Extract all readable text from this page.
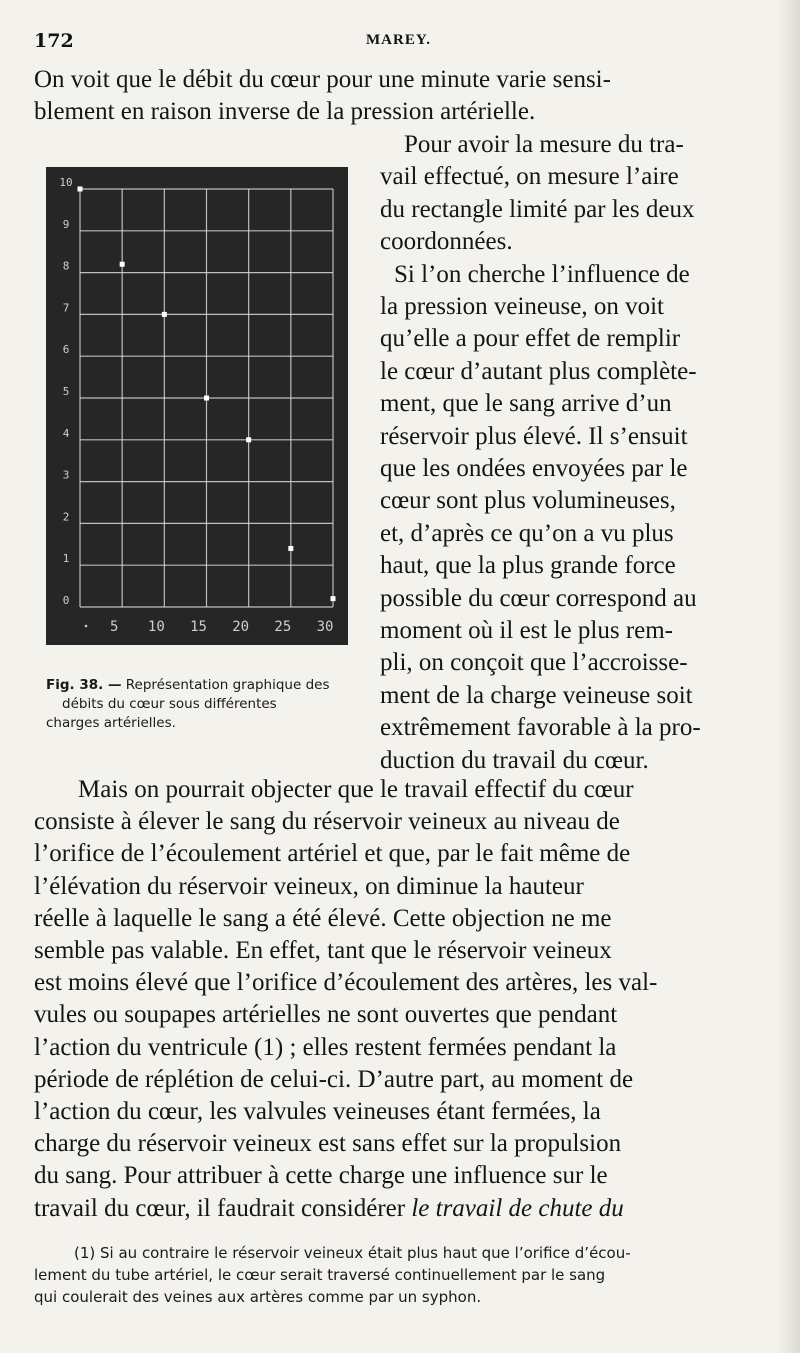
172	MAREY.
On voit que le débit du cœur pour une minute varie sensi-
blement en raison inverse de la pression artérielle.
0
1
2
3
4
5
6
7
8
9
10
5 10 15 20 25 30
Fig. 38. — Représentation graphique des
débits du cœur sous différentes
charges artérielles.
Pour avoir la mesure du tra-
vail effectué, on mesure l’aire
du rectangle limité par les deux
coordonnées.
Si l’on cherche l’influence de
la pression veineuse, on voit
qu’elle a pour effet de remplir
le cœur d’autant plus complète-
ment, que le sang arrive d’un
réservoir plus élevé. Il s’ensuit
que les ondées envoyées par le
cœur sont plus volumineuses,
et, d’après ce qu’on a vu plus
haut, que la plus grande force
possible du cœur correspond au
moment où il est le plus rem-
pli, on conçoit que l’accroisse-
ment de la charge veineuse soit
extrêmement favorable à la pro-
duction du travail du cœur.
Mais on pourrait objecter que le travail effectif du cœur
consiste à élever le sang du réservoir veineux au niveau de
l’orifice de l’écoulement artériel et que, par le fait même de
l’élévation du réservoir veineux, on diminue la hauteur
réelle à laquelle le sang a été élevé. Cette objection ne me
semble pas valable. En effet, tant que le réservoir veineux
est moins élevé que l’orifice d’écoulement des artères, les val-
vules ou soupapes artérielles ne sont ouvertes que pendant
l’action du ventricule (1) ; elles restent fermées pendant la
période de réplétion de celui-ci. D’autre part, au moment de
l’action du cœur, les valvules veineuses étant fermées, la
charge du réservoir veineux est sans effet sur la propulsion
du sang. Pour attribuer à cette charge une influence sur le
travail du cœur, il faudrait considérer le travail de chute du
(1) Si au contraire le réservoir veineux était plus haut que l’orifice d’écou-
lement du tube artériel, le cœur serait traversé continuellement par le sang
qui coulerait des veines aux artères comme par un syphon.
